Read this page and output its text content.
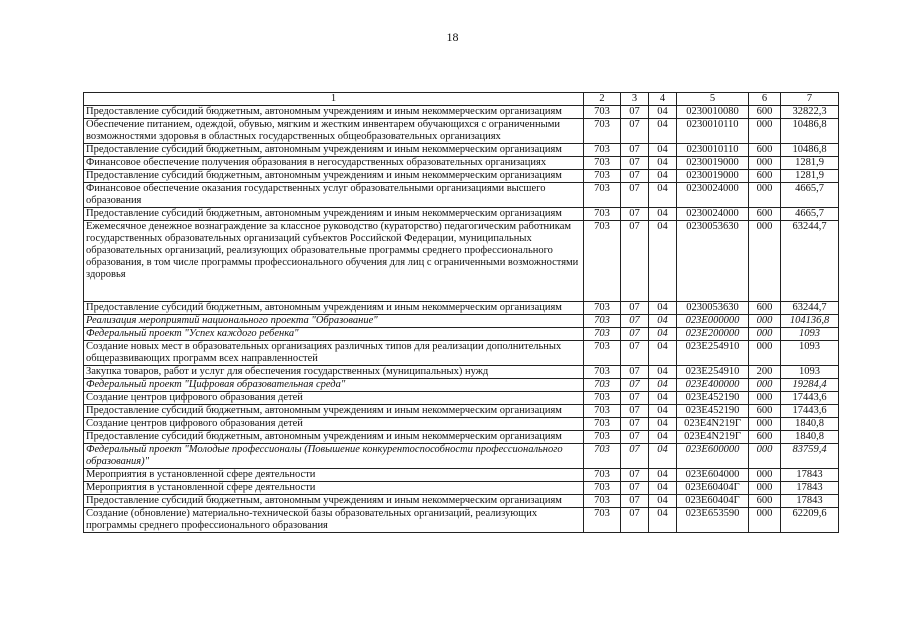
18
1	2	3	4	5	6	7
Предоставление субсидий бюджетным, автономным учреждениям и иным некоммерческим организациям	703	07	04	0230010080	600	32822,3
Обеспечение питанием, одеждой, обувью, мягким и жестким инвентарем обучающихся с ограниченными возможностями здоровья в областных государственных общеобразовательных организациях	703	07	04	0230010110	000	10486,8
Предоставление субсидий бюджетным, автономным учреждениям и иным некоммерческим организациям	703	07	04	0230010110	600	10486,8
Финансовое обеспечение получения образования в негосударственных образовательных организациях	703	07	04	0230019000	000	1281,9
Предоставление субсидий бюджетным, автономным учреждениям и иным некоммерческим организациям	703	07	04	0230019000	600	1281,9
Финансовое обеспечение оказания государственных услуг образовательными организациями высшего образования	703	07	04	0230024000	000	4665,7
Предоставление субсидий бюджетным, автономным учреждениям и иным некоммерческим организациям	703	07	04	0230024000	600	4665,7
Ежемесячное денежное вознаграждение за классное руководство (кураторство) педагогическим работникам государственных образовательных организаций субъектов Российской Федерации, муниципальных образовательных организаций, реализующих образовательные программы среднего профессионального образования, в том числе программы профессионального обучения для лиц с ограниченными возможностями здоровья	703	07	04	0230053630	000	63244,7
Предоставление субсидий бюджетным, автономным учреждениям и иным некоммерческим организациям	703	07	04	0230053630	600	63244,7
Реализация мероприятий национального проекта "Образование"	703	07	04	023E000000	000	104136,8
Федеральный проект "Успех каждого ребенка"	703	07	04	023E200000	000	1093
Создание новых мест в образовательных организациях различных типов для реализации дополнительных общеразвивающих программ всех направленностей	703	07	04	023E254910	000	1093
Закупка товаров, работ и услуг для обеспечения государственных (муниципальных) нужд	703	07	04	023E254910	200	1093
Федеральный проект "Цифровая образовательная среда"	703	07	04	023E400000	000	19284,4
Создание центров цифрового образования детей	703	07	04	023E452190	000	17443,6
Предоставление субсидий бюджетным, автономным учреждениям и иным некоммерческим организациям	703	07	04	023E452190	600	17443,6
Создание центров цифрового образования детей	703	07	04	023E4N219Г	000	1840,8
Предоставление субсидий бюджетным, автономным учреждениям и иным некоммерческим организациям	703	07	04	023E4N219Г	600	1840,8
Федеральный проект "Молодые профессионалы (Повышение конкурентоспособности профессионального образования)"	703	07	04	023E600000	000	83759,4
Мероприятия в установленной сфере деятельности	703	07	04	023E604000	000	17843
Мероприятия в установленной сфере деятельности	703	07	04	023E60404Г	000	17843
Предоставление субсидий бюджетным, автономным учреждениям и иным некоммерческим организациям	703	07	04	023E60404Г	600	17843
Создание (обновление) материально-технической базы образовательных организаций, реализующих программы среднего профессионального образования	703	07	04	023E653590	000	62209,6
